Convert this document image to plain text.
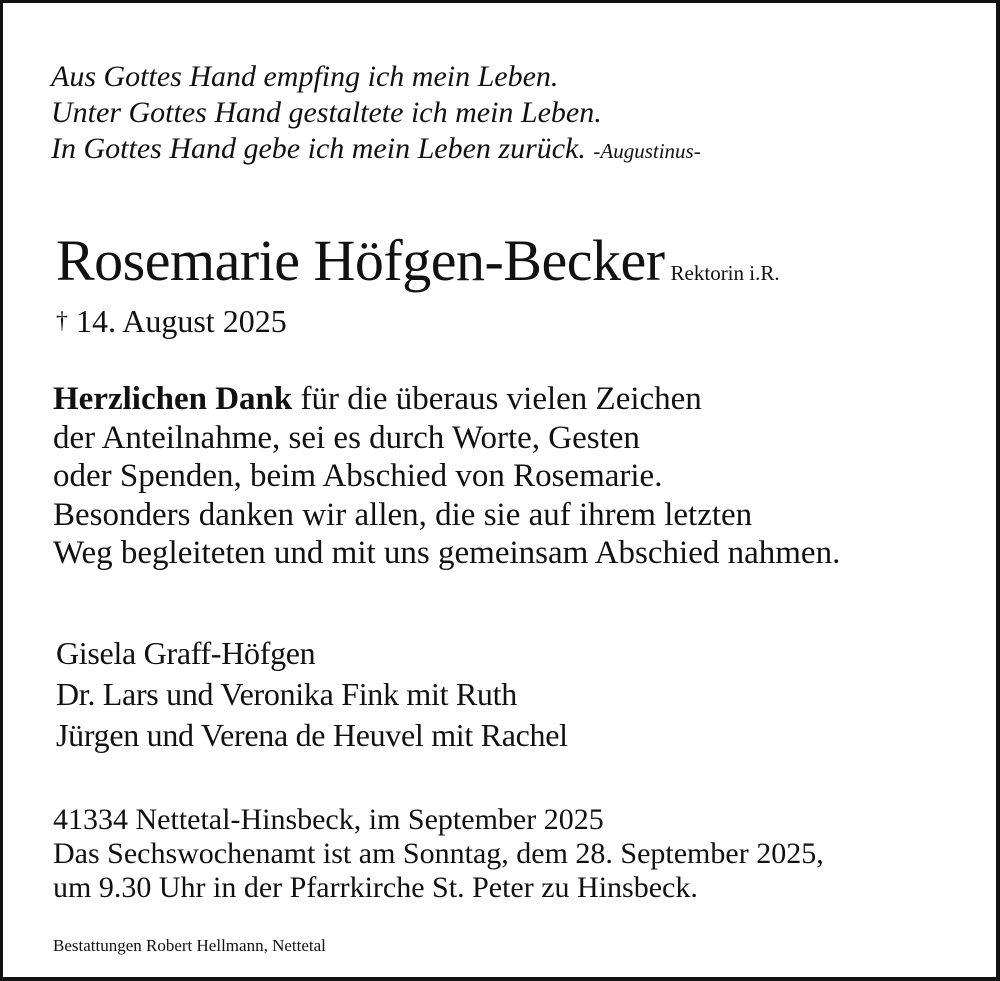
Aus Gottes Hand empfing ich mein Leben.
Unter Gottes Hand gestaltete ich mein Leben.
In Gottes Hand gebe ich mein Leben zurück. -Augustinus-
Rosemarie Höfgen-Becker Rektorin i.R.
† 14. August 2025
Herzlichen Dank für die überaus vielen Zeichen
der Anteilnahme, sei es durch Worte, Gesten
oder Spenden, beim Abschied von Rosemarie.
Besonders danken wir allen, die sie auf ihrem letzten
Weg begleiteten und mit uns gemeinsam Abschied nahmen.
Gisela Graff-Höfgen
Dr. Lars und Veronika Fink mit Ruth
Jürgen und Verena de Heuvel mit Rachel
41334 Nettetal-Hinsbeck, im September 2025
Das Sechswochenamt ist am Sonntag, dem 28. September 2025,
um 9.30 Uhr in der Pfarrkirche St. Peter zu Hinsbeck.
Bestattungen Robert Hellmann, Nettetal
